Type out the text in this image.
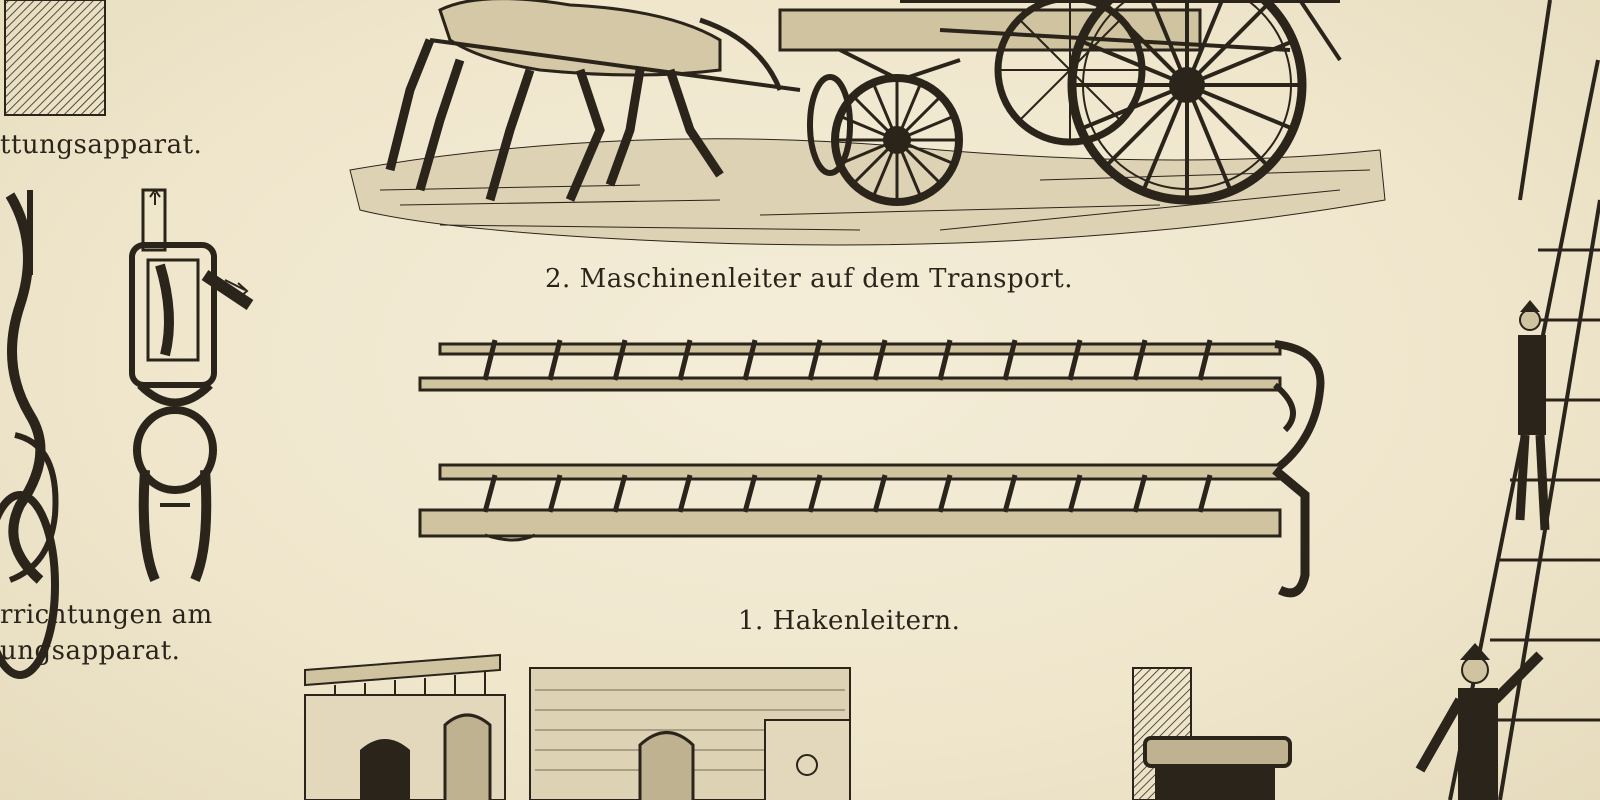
ttungsapparat.
rrichtungen am
ungsapparat.
2. Maschinenleiter auf dem Transport.
1. Hakenleitern.
